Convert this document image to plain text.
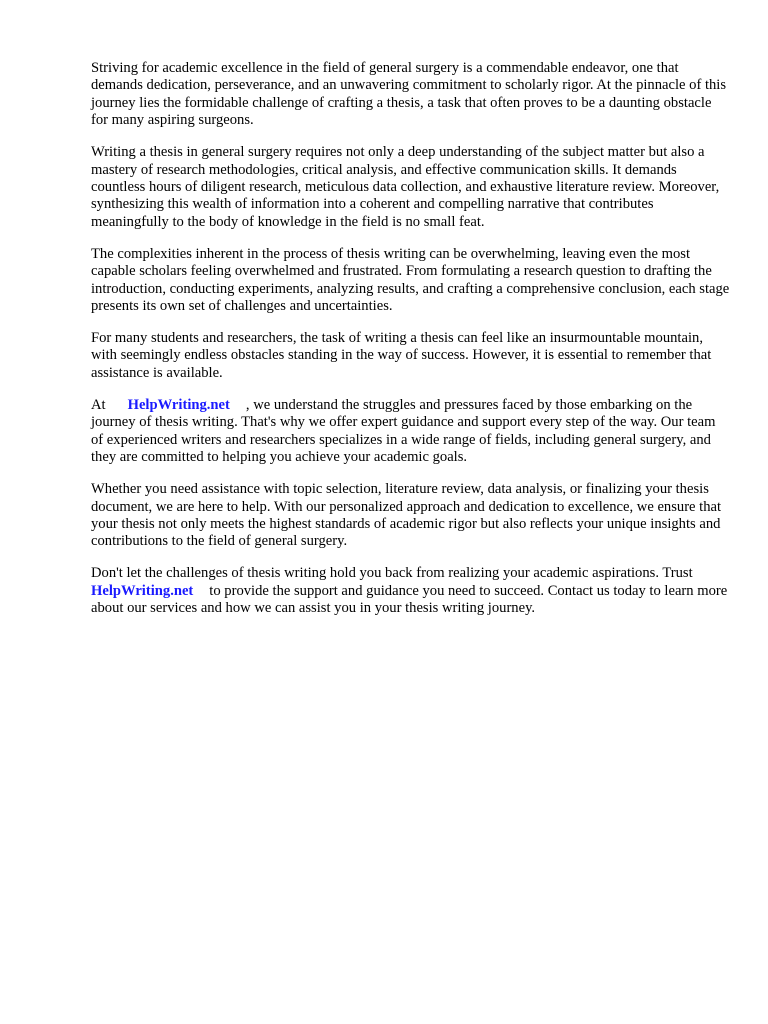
Striving for academic excellence in the field of general surgery is a commendable endeavor, one that demands dedication, perseverance, and an unwavering commitment to scholarly rigor. At the pinnacle of this journey lies the formidable challenge of crafting a thesis, a task that often proves to be a daunting obstacle for many aspiring surgeons.

Writing a thesis in general surgery requires not only a deep understanding of the subject matter but also a mastery of research methodologies, critical analysis, and effective communication skills. It demands countless hours of diligent research, meticulous data collection, and exhaustive literature review. Moreover, synthesizing this wealth of information into a coherent and compelling narrative that contributes meaningfully to the body of knowledge in the field is no small feat.

The complexities inherent in the process of thesis writing can be overwhelming, leaving even the most capable scholars feeling overwhelmed and frustrated. From formulating a research question to drafting the introduction, conducting experiments, analyzing results, and crafting a comprehensive conclusion, each stage presents its own set of challenges and uncertainties.

For many students and researchers, the task of writing a thesis can feel like an insurmountable mountain, with seemingly endless obstacles standing in the way of success. However, it is essential to remember that assistance is available.

At HelpWriting.net , we understand the struggles and pressures faced by those embarking on the journey of thesis writing. That's why we offer expert guidance and support every step of the way. Our team of experienced writers and researchers specializes in a wide range of fields, including general surgery, and they are committed to helping you achieve your academic goals.

Whether you need assistance with topic selection, literature review, data analysis, or finalizing your thesis document, we are here to help. With our personalized approach and dedication to excellence, we ensure that your thesis not only meets the highest standards of academic rigor but also reflects your unique insights and contributions to the field of general surgery.

Don't let the challenges of thesis writing hold you back from realizing your academic aspirations. TrustHelpWriting.net to provide the support and guidance you need to succeed. Contact us today to learn more about our services and how we can assist you in your thesis writing journey.
